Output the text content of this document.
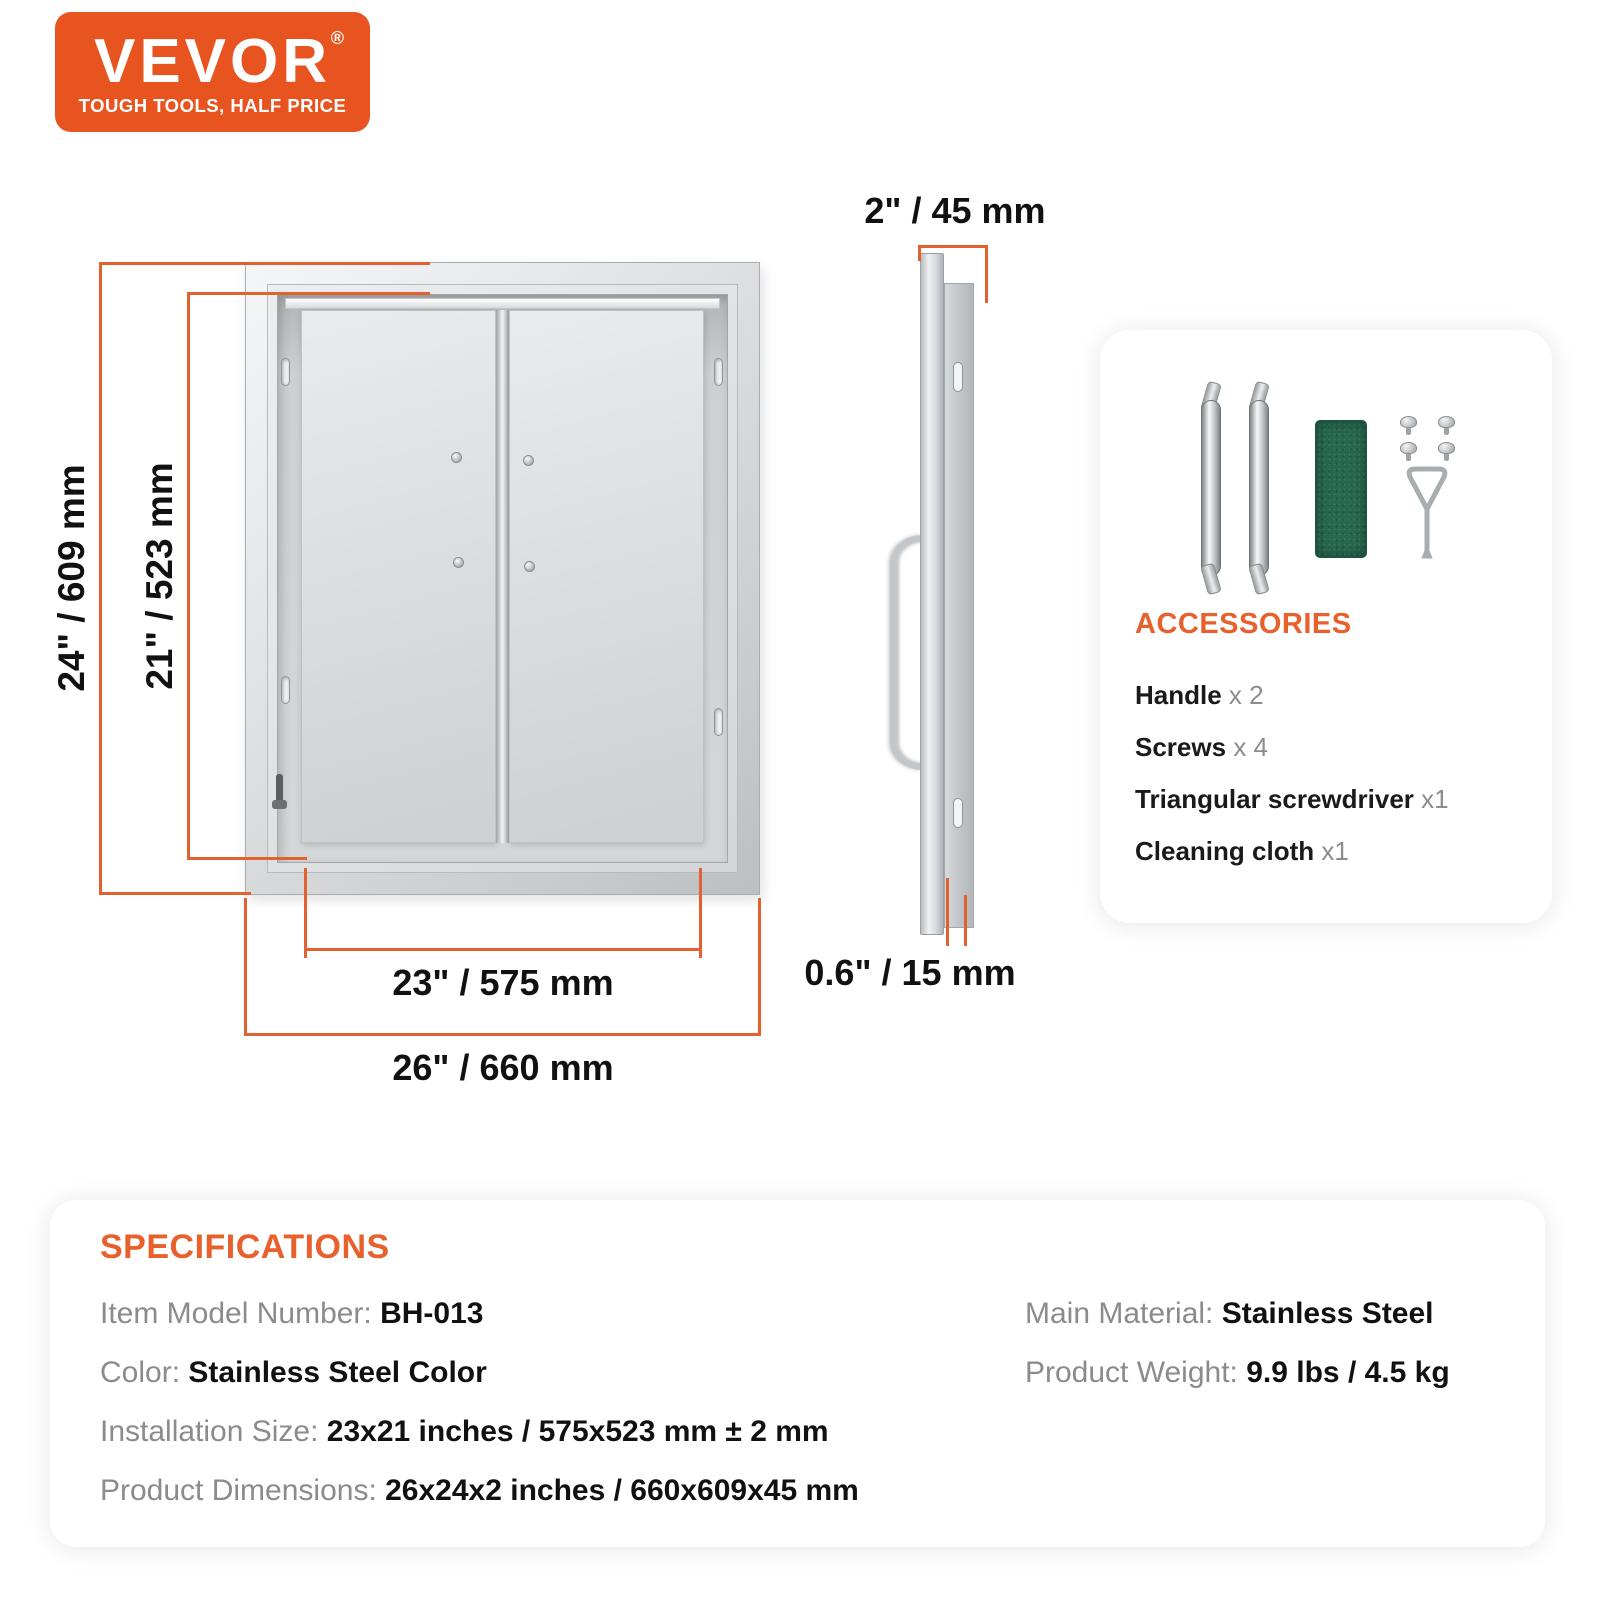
VEVOR ®
TOUGH TOOLS, HALF PRICE
24" / 609 mm 21" / 523 mm
23" / 575 mm
26" / 660 mm
2" / 45 mm
0.6" / 15 mm
ACCESSORIES
Handle x 2
Screws x 4
Triangular screwdriver x1
Cleaning cloth x1
SPECIFICATIONS
Item Model Number: BH-013
Color: Stainless Steel Color
Installation Size: 23x21 inches / 575x523 mm ± 2 mm
Product Dimensions: 26x24x2 inches / 660x609x45 mm
Main Material: Stainless Steel
Product Weight: 9.9 lbs / 4.5 kg
